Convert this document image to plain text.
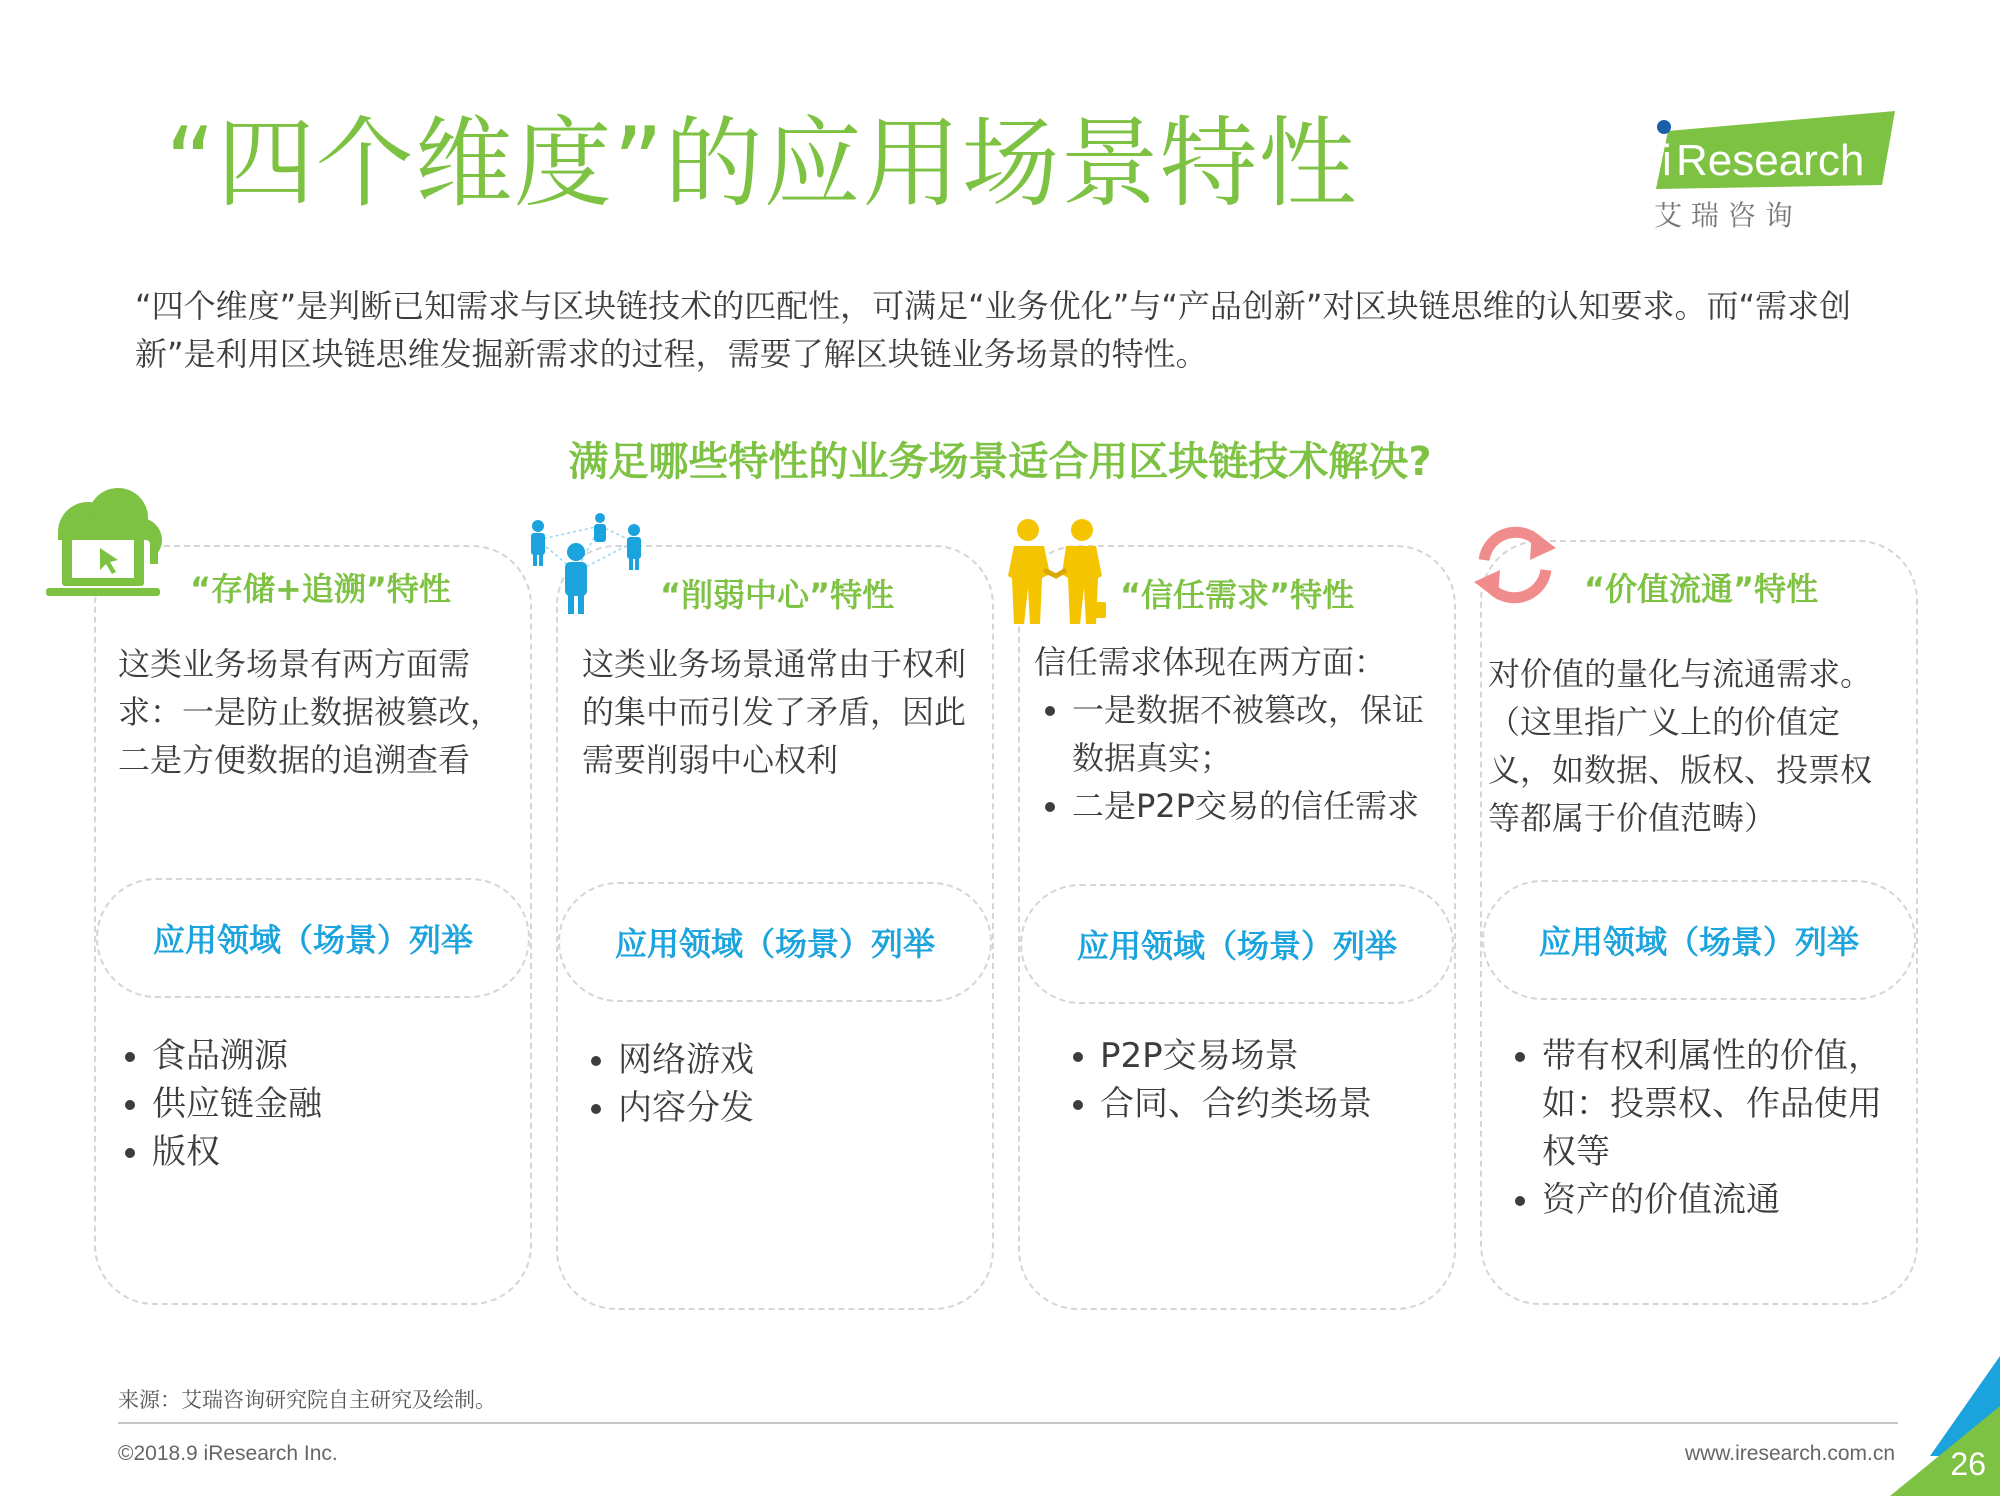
“四个维度”的应用场景特性	i Research
艾 瑞 咨 询
“四个维度”是判断已知需求与区块链技术的匹配性，可满足“业务优化”与“产品创新”对区块链思维的认知要求。而“需求创新”是利用区块链思维发掘新需求的过程，需要了解区块链业务场景的特性。
满足哪些特性的业务场景适合用区块链技术解决?
“存储+追溯”特性
这类业务场景有两方面需求：一是防止数据被篡改，二是方便数据的追溯查看
应用领域（场景）列举
• 食品溯源
• 供应链金融
• 版权
“削弱中心”特性
这类业务场景通常由于权利的集中而引发了矛盾，因此需要削弱中心权利
应用领域（场景）列举
• 网络游戏
• 内容分发
“信任需求”特性
信任需求体现在两方面：
• 一是数据不被篡改，保证数据真实；
• 二是P2P交易的信任需求
应用领域（场景）列举
• P2P交易场景
• 合同、合约类场景
“价值流通”特性
对价值的量化与流通需求。（这里指广义上的价值定义，如数据、版权、投票权等都属于价值范畴）
应用领域（场景）列举
• 带有权利属性的价值，如：投票权、作品使用权等
• 资产的价值流通
来源：艾瑞咨询研究院自主研究及绘制。
©2018.9 iResearch Inc.	www.iresearch.com.cn 26
